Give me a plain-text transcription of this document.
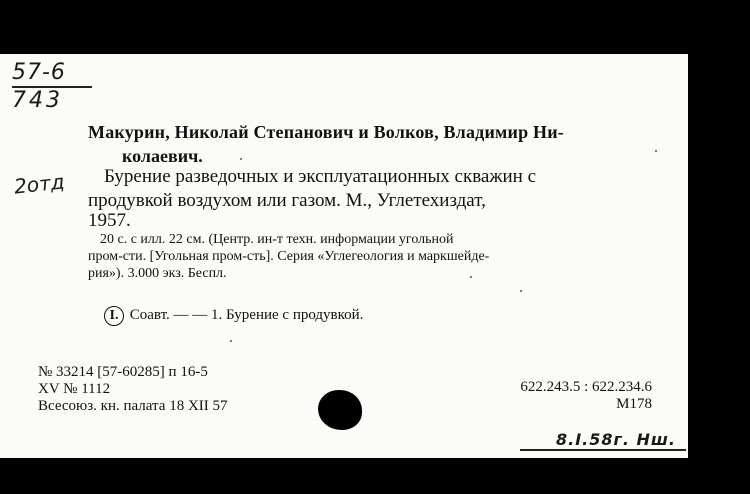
57-6
743
2отд
Макурин, Николай Степанович и Волков, Владимир Ни-
колаевич.
Бурение разведочных и эксплуатационных скважин с
продувкой воздухом или газом. М., Углетехиздат,
1957.
20 с. с илл. 22 см. (Центр. ин-т техн. информации угольной
пром-сти. [Угольная пром-сть]. Серия «Углегеология и маркшейде-
рия»). 3.000 экз. Беспл.
I. Соавт. — — 1. Бурение с продувкой.
№ 33214 [57-60285] п 16-5
XV № 1112
Всесоюз. кн. палата 18 XII 57
622.243.5 : 622.234.6
М178
8.I.58г. Нш.
